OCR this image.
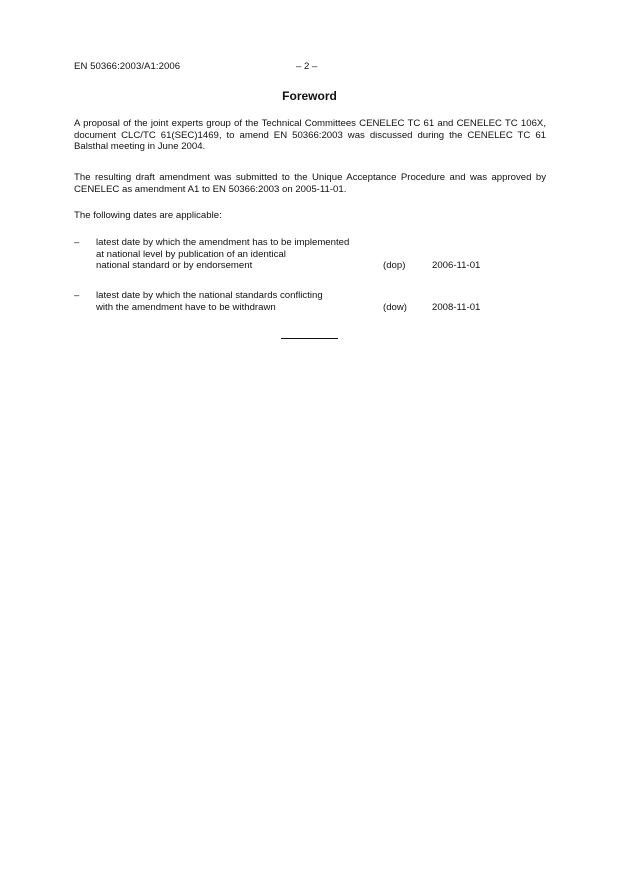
EN 50366:2003/A1:2006	– 2 –
Foreword

A proposal of the joint experts group of the Technical Committees CENELEC TC 61 and CENELEC TC 106X, document CLC/TC 61(SEC)1469, to amend EN 50366:2003 was discussed during the CENELEC TC 61 Balsthal meeting in June 2004.

The resulting draft amendment was submitted to the Unique Acceptance Procedure and was approved by CENELEC as amendment A1 to EN 50366:2003 on 2005-11-01.

The following dates are applicable:

– latest date by which the amendment has to be implemented
at national level by publication of an identical
national standard or by endorsement	(dop)	2006-11-01
– latest date by which the national standards conflicting
with the amendment have to be withdrawn	(dow)	2008-11-01
